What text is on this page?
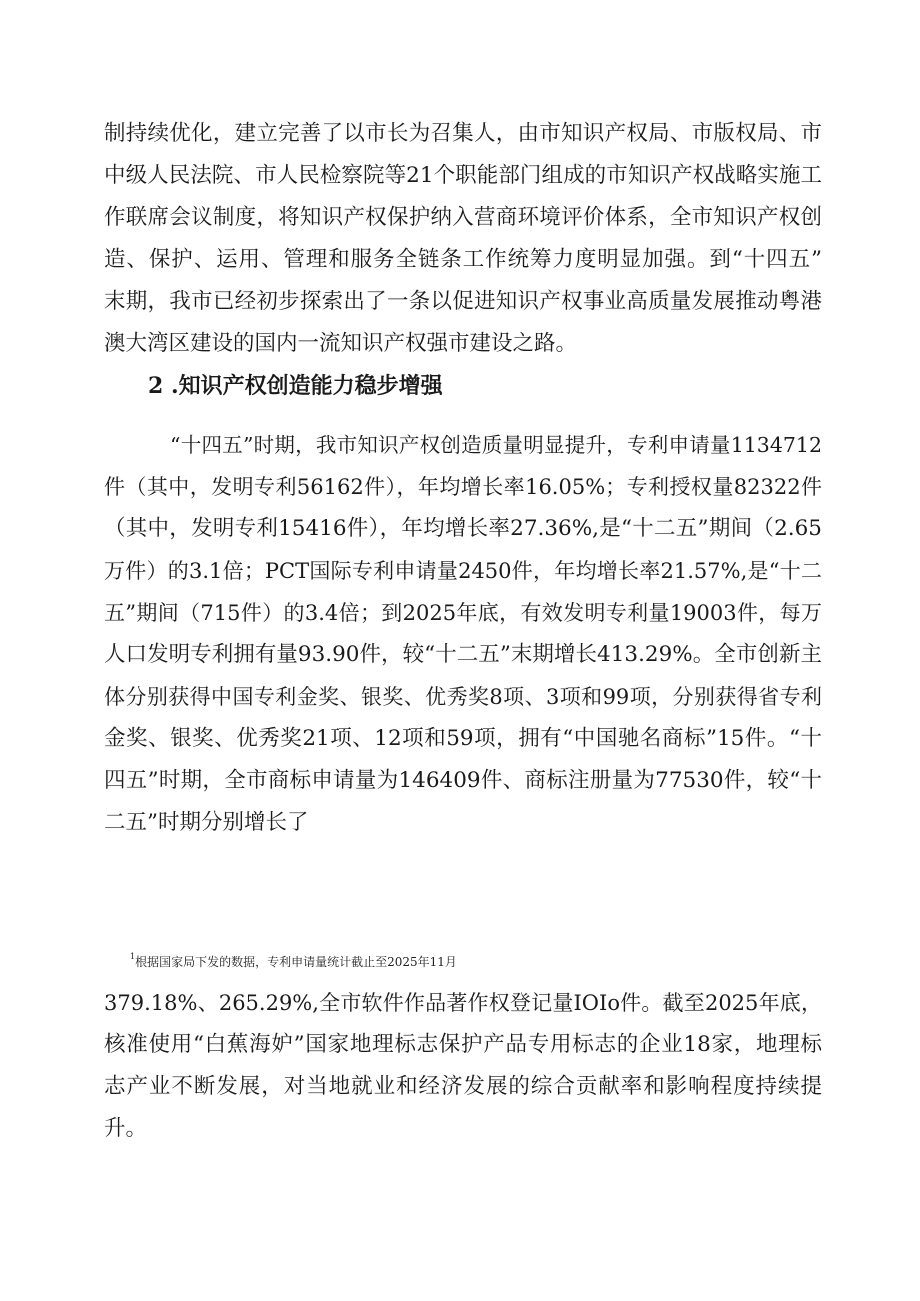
制持续优化，建立完善了以市长为召集人，由市知识产权局、市版权局、市

中级人民法院、市人民检察院等21个职能部门组成的市知识产权战略实施工

作联席会议制度，将知识产权保护纳入营商环境评价体系，全市知识产权创

造、保护、运用、管理和服务全链条工作统筹力度明显加强。到“十四五”

末期，我市已经初步探索出了一条以促进知识产权事业高质量发展推动粤港

澳大湾区建设的国内一流知识产权强市建设之路。

2 .知识产权创造能力稳步增强

“十四五”时期，我市知识产权创造质量明显提升，专利申请量1134712

件（其中，发明专利56162件），年均增长率16.05%；专利授权量82322件

（其中，发明专利15416件），年均增长率27.36%,是“十二五”期间（2.65

万件）的3.1倍；PCT国际专利申请量2450件，年均增长率21.57%,是“十二

五”期间（715件）的3.4倍；到2025年底，有效发明专利量19003件，每万

人口发明专利拥有量93.90件，较“十二五”末期增长413.29%。全市创新主

体分别获得中国专利金奖、银奖、优秀奖8项、3项和99项，分别获得省专利

金奖、银奖、优秀奖21项、12项和59项，拥有“中国驰名商标”15件。“十

四五”时期，全市商标申请量为146409件、商标注册量为77530件，较“十

二五”时期分别增长了

$^1$根据国家局下发的数据，专利申请量统计截止至2025年11月

379.18%、265.29%,全市软件作品著作权登记量IOIo件。截至2025年底，

核准使用“白蕉海妒”国家地理标志保护产品专用标志的企业18家，地理标

志产业不断发展，对当地就业和经济发展的综合贡献率和影响程度持续提

升。
